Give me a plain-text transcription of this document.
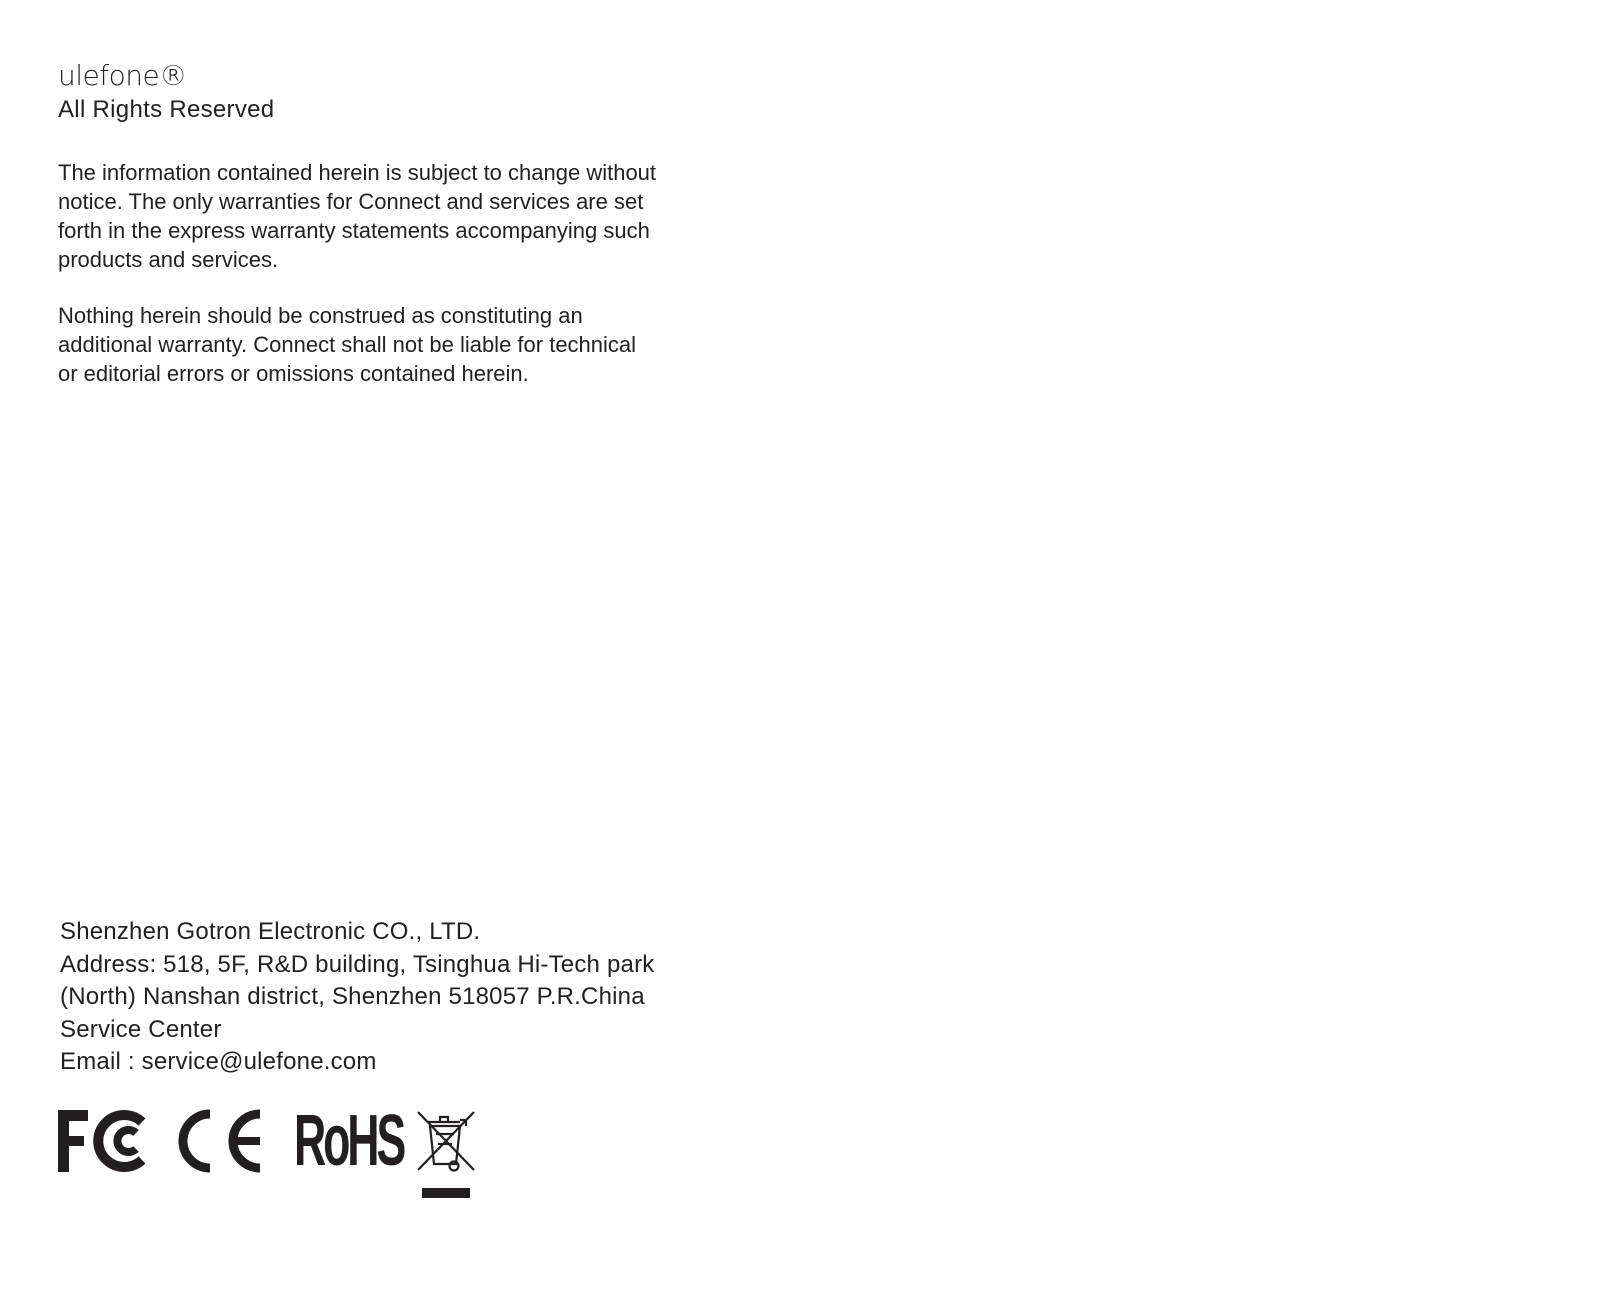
ulefone®
All Rights Reserved

The information contained herein is subject to change without
notice. The only warranties for Connect and services are set
forth in the express warranty statements accompanying such
products and services.

Nothing herein should be construed as constituting an
additional warranty. Connect shall not be liable for technical
or editorial errors or omissions contained herein.

Shenzhen Gotron Electronic CO., LTD.
Address: 518, 5F, R&D building, Tsinghua Hi-Tech park
(North) Nanshan district, Shenzhen 518057 P.R.China
Service Center
Email : service@ulefone.com
RoHS
